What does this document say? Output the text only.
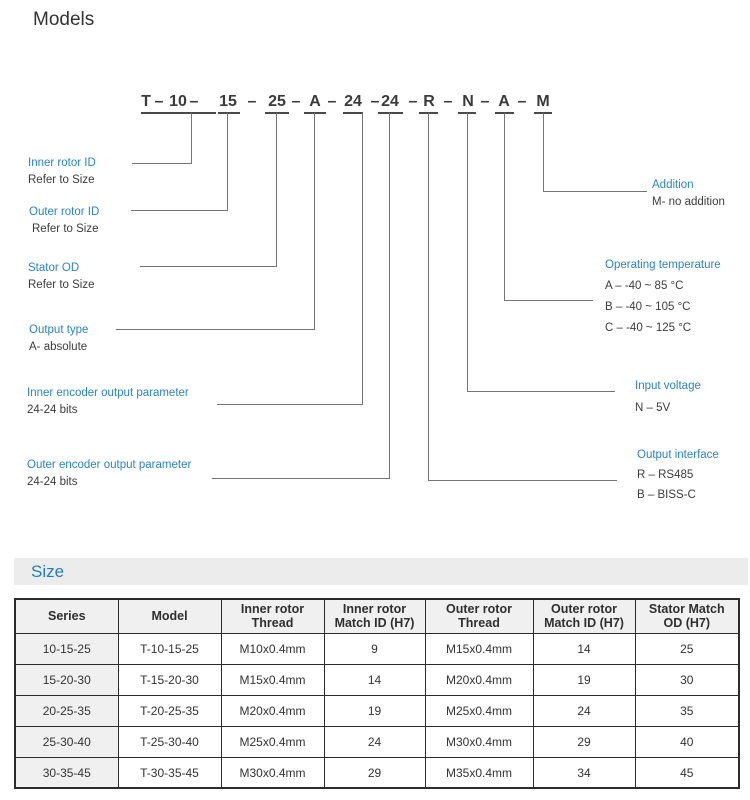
Models
T – 10 – 15 – 25 – A – 24 – 24 – R – N – A – M
Inner rotor ID
Refer to Size
Outer rotor ID
Refer to Size
Stator OD
Refer to Size
Output type
A- absolute
Inner encoder output parameter
24-24 bits
Outer encoder output parameter
24-24 bits
Addition
M- no addition
Operating temperature
A – -40 ~ 85 °C
B – -40 ~ 105 °C
C – -40 ~ 125 °C
Input voltage
N – 5V
Output interface
R – RS485
B – BISS-C
Size
Series	Model	Inner rotor Thread	Inner rotor Match ID (H7)	Outer rotor Thread	Outer rotor Match ID (H7)	Stator Match OD (H7)
10-15-25	T-10-15-25	M10x0.4mm	9	M15x0.4mm	14	25
15-20-30	T-15-20-30	M15x0.4mm	14	M20x0.4mm	19	30
20-25-35	T-20-25-35	M20x0.4mm	19	M25x0.4mm	24	35
25-30-40	T-25-30-40	M25x0.4mm	24	M30x0.4mm	29	40
30-35-45	T-30-35-45	M30x0.4mm	29	M35x0.4mm	34	45
